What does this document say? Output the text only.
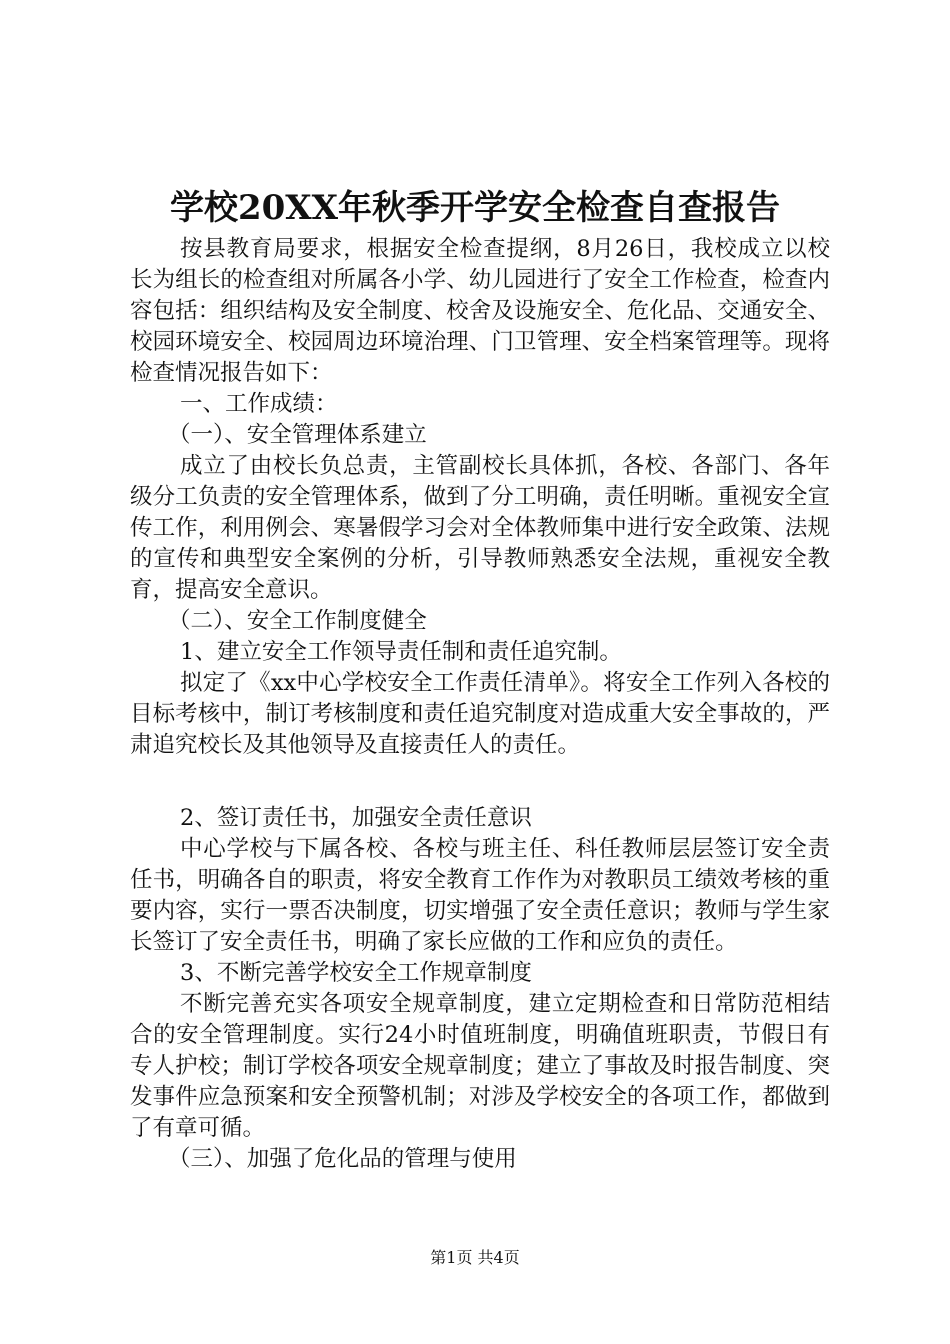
学校20XX年秋季开学安全检查自查报告

按县教育局要求，根据安全检查提纲，8月26日，我校成立以校长为组长的检查组对所属各小学、幼儿园进行了安全工作检查，检查内容包括：组织结构及安全制度、校舍及设施安全、危化品、交通安全、校园环境安全、校园周边环境治理、门卫管理、安全档案管理等。现将检查情况报告如下：

一、工作成绩：

（一）、安全管理体系建立

成立了由校长负总责，主管副校长具体抓，各校、各部门、各年级分工负责的安全管理体系，做到了分工明确，责任明晰。重视安全宣传工作，利用例会、寒暑假学习会对全体教师集中进行安全政策、法规的宣传和典型安全案例的分析，引导教师熟悉安全法规，重视安全教育，提高安全意识。

（二）、安全工作制度健全

1、建立安全工作领导责任制和责任追究制。

拟定了《xx中心学校安全工作责任清单》。将安全工作列入各校的目标考核中，制订考核制度和责任追究制度对造成重大安全事故的，严肃追究校长及其他领导及直接责任人的责任。

2、签订责任书，加强安全责任意识

中心学校与下属各校、各校与班主任、科任教师层层签订安全责任书，明确各自的职责，将安全教育工作作为对教职员工绩效考核的重要内容，实行一票否决制度，切实增强了安全责任意识；教师与学生家长签订了安全责任书，明确了家长应做的工作和应负的责任。

3、不断完善学校安全工作规章制度

不断完善充实各项安全规章制度，建立定期检查和日常防范相结合的安全管理制度。实行24小时值班制度，明确值班职责，节假日有专人护校；制订学校各项安全规章制度；建立了事故及时报告制度、突发事件应急预案和安全预警机制；对涉及学校安全的各项工作，都做到了有章可循。

（三）、加强了危化品的管理与使用

第1页 共4页
